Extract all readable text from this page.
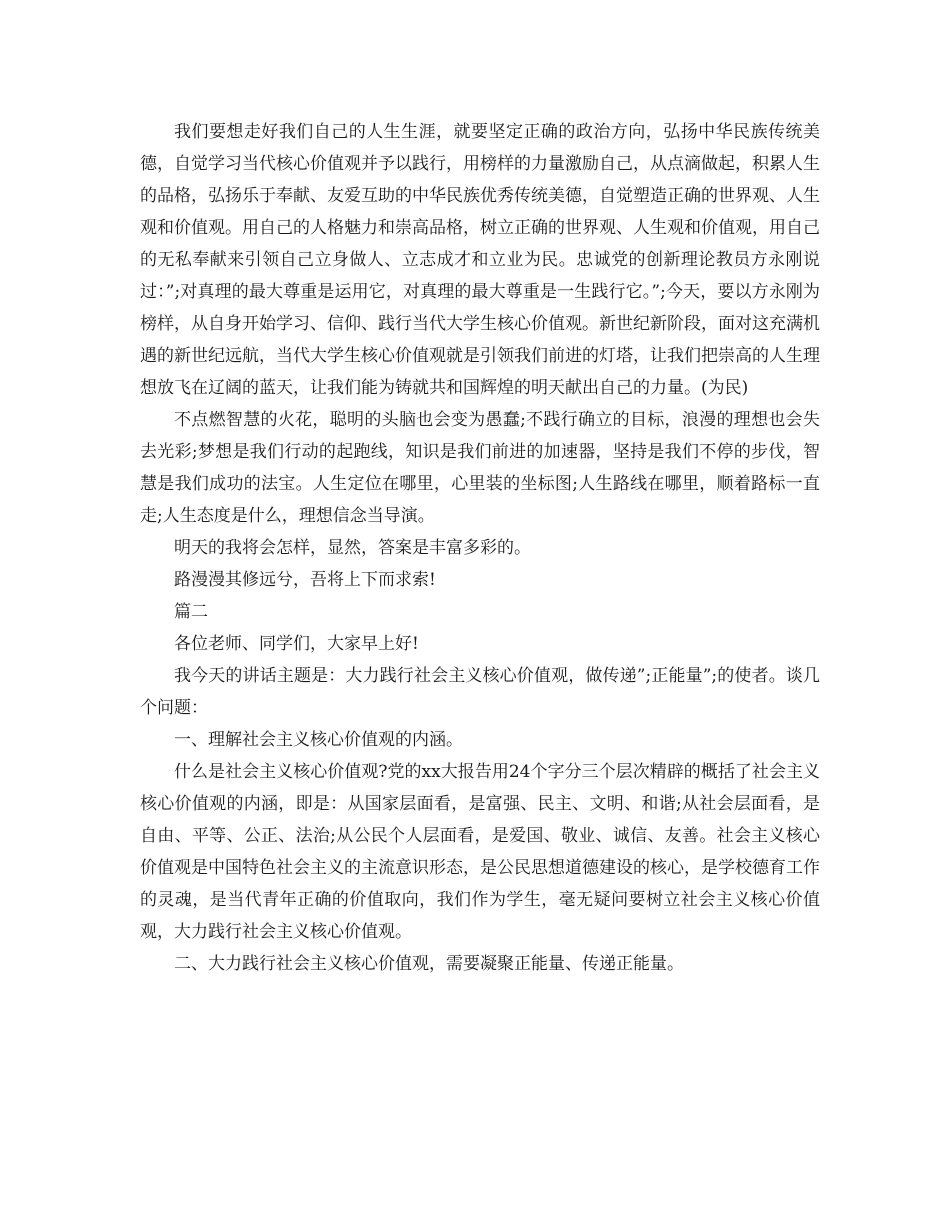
我们要想走好我们自己的人生生涯，就要坚定正确的政治方向，弘扬中华民族传统美德，自觉学习当代核心价值观并予以践行，用榜样的力量激励自己，从点滴做起，积累人生的品格，弘扬乐于奉献、友爱互助的中华民族优秀传统美德，自觉塑造正确的世界观、人生观和价值观。用自己的人格魅力和崇高品格，树立正确的世界观、人生观和价值观，用自己的无私奉献来引领自己立身做人、立志成才和立业为民。忠诚党的创新理论教员方永刚说过：”;对真理的最大尊重是运用它，对真理的最大尊重是一生践行它。”;今天，要以方永刚为榜样，从自身开始学习、信仰、践行当代大学生核心价值观。新世纪新阶段，面对这充满机遇的新世纪远航，当代大学生核心价值观就是引领我们前进的灯塔，让我们把崇高的人生理想放飞在辽阔的蓝天，让我们能为铸就共和国辉煌的明天献出自己的力量。(为民)

不点燃智慧的火花，聪明的头脑也会变为愚蠢;不践行确立的目标，浪漫的理想也会失去光彩;梦想是我们行动的起跑线，知识是我们前进的加速器，坚持是我们不停的步伐，智慧是我们成功的法宝。人生定位在哪里，心里装的坐标图;人生路线在哪里，顺着路标一直走;人生态度是什么，理想信念当导演。

明天的我将会怎样，显然，答案是丰富多彩的。

路漫漫其修远兮，吾将上下而求索!

篇二

各位老师、同学们，大家早上好!

我今天的讲话主题是：大力践行社会主义核心价值观，做传递”;正能量”;的使者。谈几个问题：

一、理解社会主义核心价值观的内涵。

什么是社会主义核心价值观?党的xx大报告用24个字分三个层次精辟的概括了社会主义核心价值观的内涵，即是：从国家层面看，是富强、民主、文明、和谐;从社会层面看，是自由、平等、公正、法治;从公民个人层面看，是爱国、敬业、诚信、友善。社会主义核心价值观是中国特色社会主义的主流意识形态，是公民思想道德建设的核心，是学校德育工作的灵魂，是当代青年正确的价值取向，我们作为学生，毫无疑问要树立社会主义核心价值观，大力践行社会主义核心价值观。

二、大力践行社会主义核心价值观，需要凝聚正能量、传递正能量。
